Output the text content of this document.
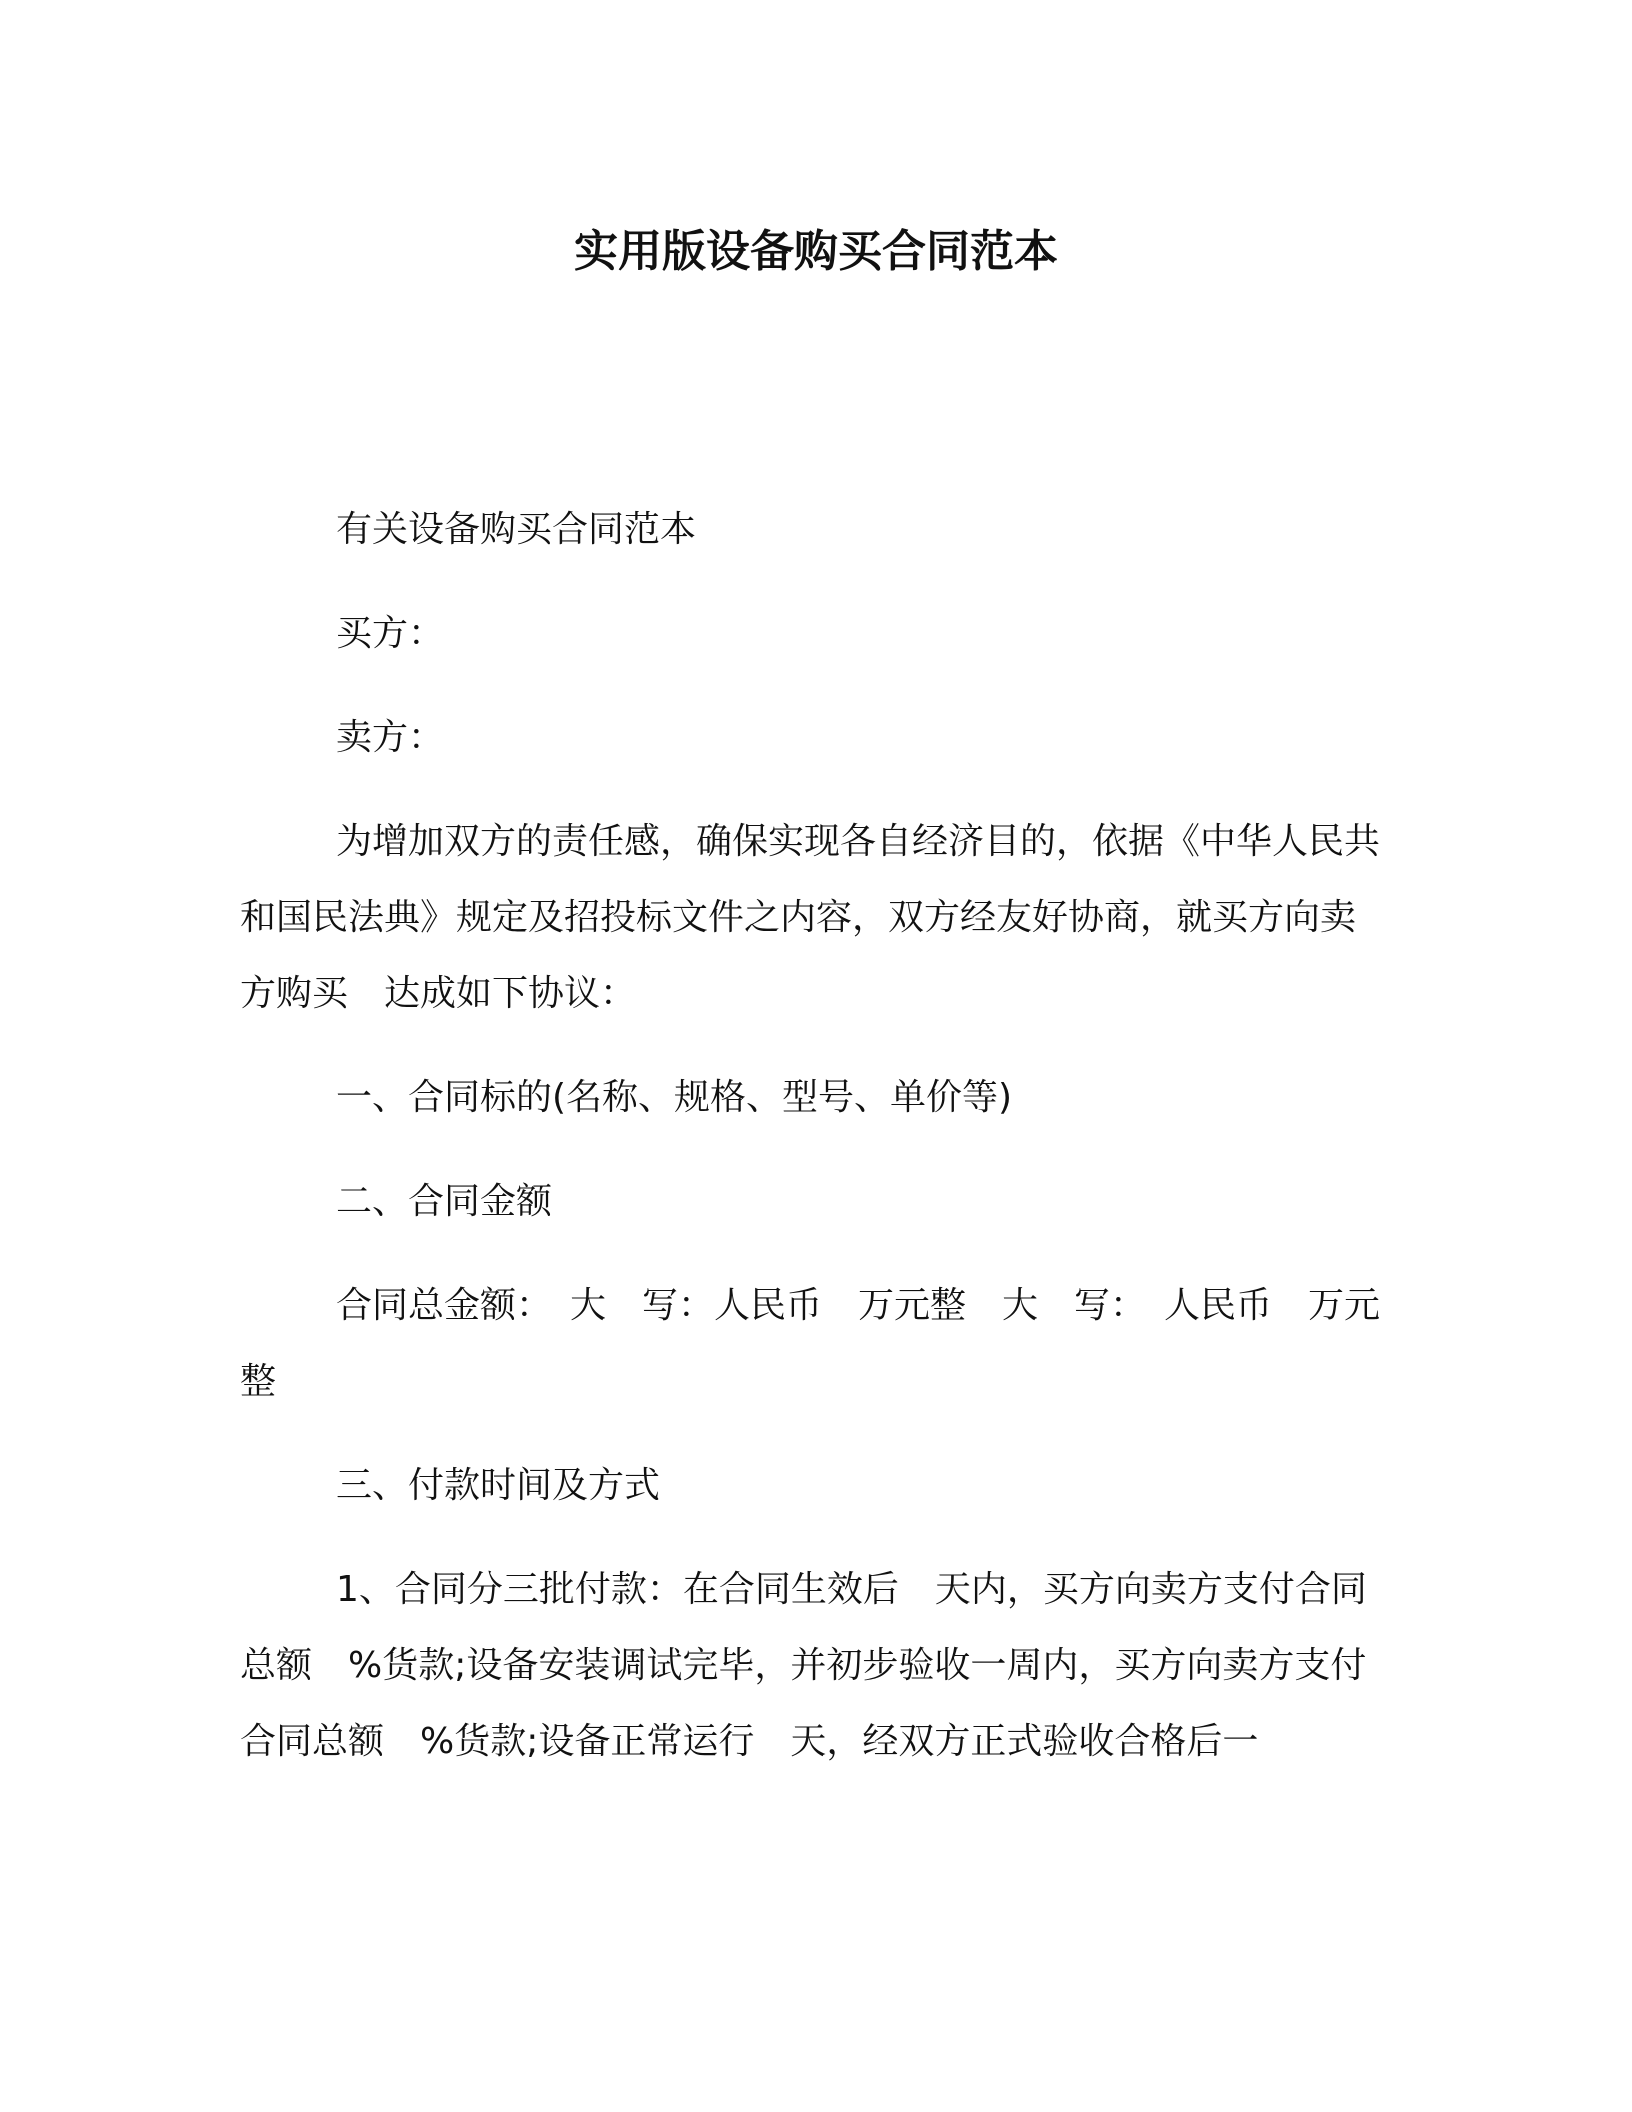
实用版设备购买合同范本

有关设备购买合同范本

买方：

卖方：

为增加双方的责任感，确保实现各自经济目的，依据《中华人民共和国民法典》规定及招投标文件之内容，双方经友好协商，就买方向卖方购买　达成如下协议：

一、合同标的(名称、规格、型号、单价等)

二、合同金额

合同总金额：　大　写：人民币　万元整　大　写：　人民币　万元整

三、付款时间及方式

1、合同分三批付款：在合同生效后　天内，买方向卖方支付合同总额　%货款;设备安装调试完毕，并初步验收一周内，买方向卖方支付合同总额　%货款;设备正常运行　天，经双方正式验收合格后一
